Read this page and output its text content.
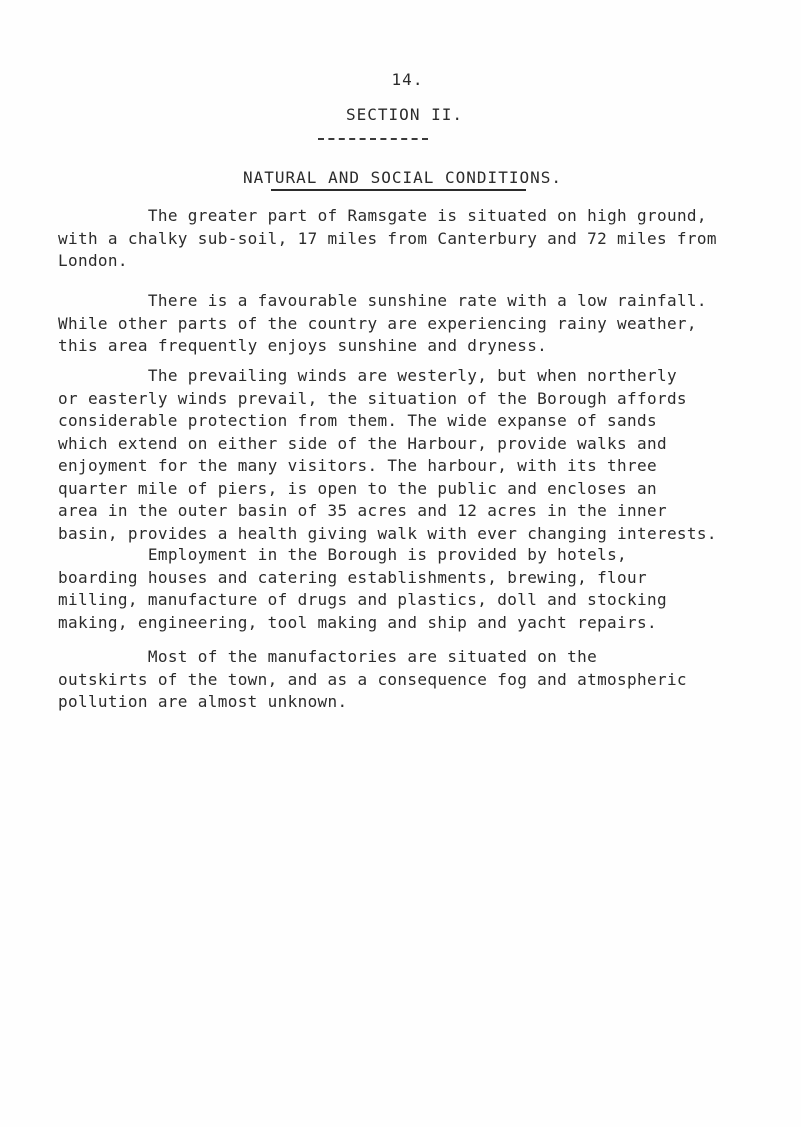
14.
SECTION II.
NATURAL AND SOCIAL CONDITIONS.

The greater part of Ramsgate is situated on high ground,
with a chalky sub-soil, 17 miles from Canterbury and 72 miles from
London.

There is a favourable sunshine rate with a low rainfall.
While other parts of the country are experiencing rainy weather,
this area frequently enjoys sunshine and dryness.

The prevailing winds are westerly, but when northerly
or easterly winds prevail, the situation of the Borough affords
considerable protection from them. The wide expanse of sands
which extend on either side of the Harbour, provide walks and
enjoyment for the many visitors. The harbour, with its three
quarter mile of piers, is open to the public and encloses an
area in the outer basin of 35 acres and 12 acres in the inner
basin, provides a health giving walk with ever changing interests.

Employment in the Borough is provided by hotels,
boarding houses and catering establishments, brewing, flour
milling, manufacture of drugs and plastics, doll and stocking
making, engineering, tool making and ship and yacht repairs.

Most of the manufactories are situated on the
outskirts of the town, and as a consequence fog and atmospheric
pollution are almost unknown.
